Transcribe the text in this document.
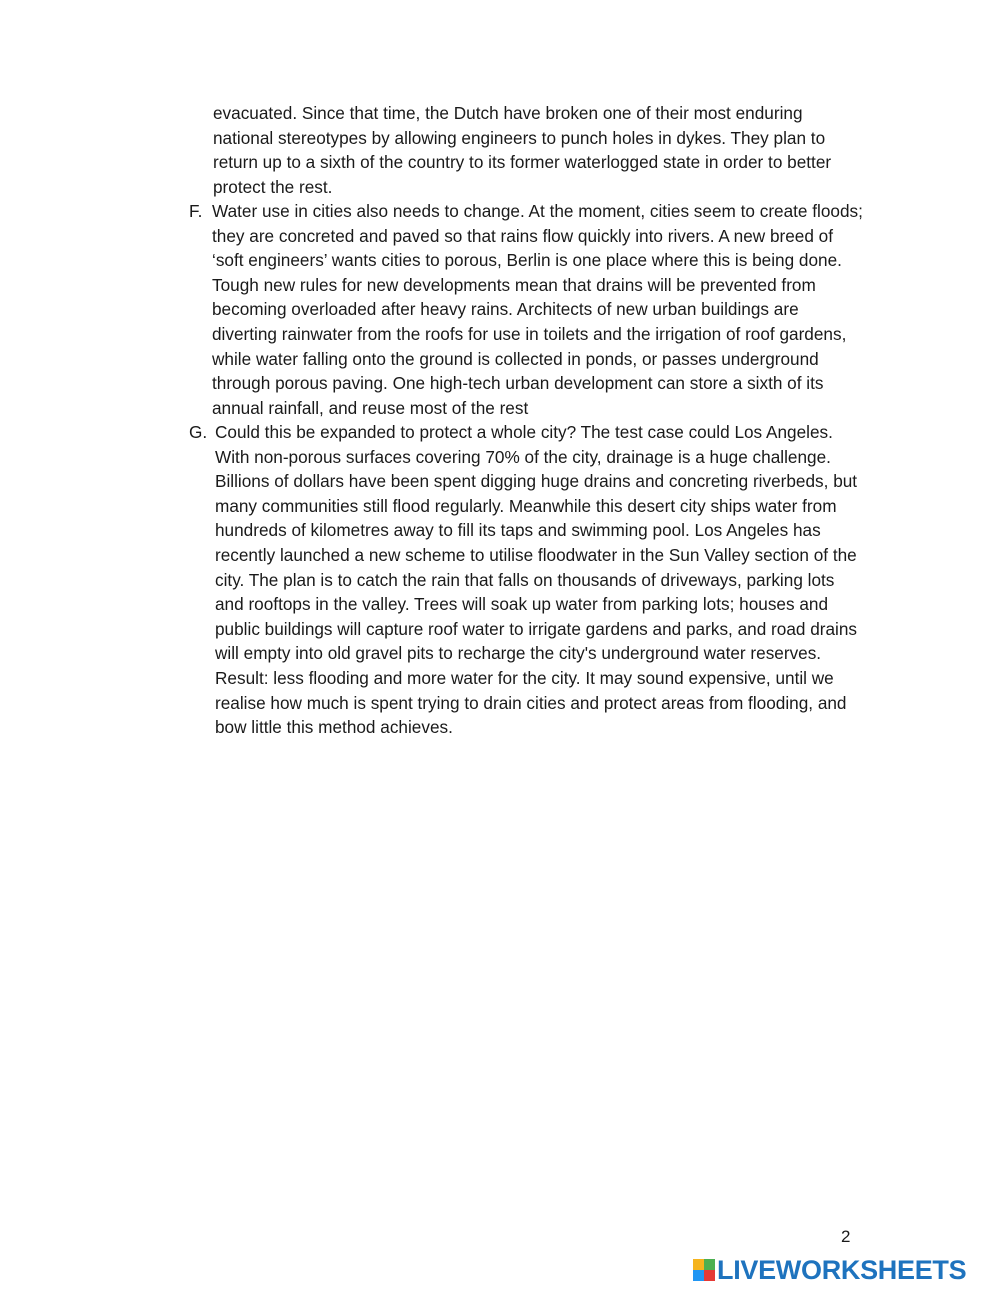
evacuated. Since that time, the Dutch have broken one of their most enduring
national stereotypes by allowing engineers to punch holes in dykes. They plan to
return up to a sixth of the country to its former waterlogged state in order to better
protect the rest.
F. Water use in cities also needs to change. At the moment, cities seem to create floods;
they are concreted and paved so that rains flow quickly into rivers. A new breed of
‘soft engineers’ wants cities to porous, Berlin is one place where this is being done.
Tough new rules for new developments mean that drains will be prevented from
becoming overloaded after heavy rains. Architects of new urban buildings are
diverting rainwater from the roofs for use in toilets and the irrigation of roof gardens,
while water falling onto the ground is collected in ponds, or passes underground
through porous paving. One high-tech urban development can store a sixth of its
annual rainfall, and reuse most of the rest
G. Could this be expanded to protect a whole city? The test case could Los Angeles.
With non-porous surfaces covering 70% of the city, drainage is a huge challenge.
Billions of dollars have been spent digging huge drains and concreting riverbeds, but
many communities still flood regularly. Meanwhile this desert city ships water from
hundreds of kilometres away to fill its taps and swimming pool. Los Angeles has
recently launched a new scheme to utilise floodwater in the Sun Valley section of the
city. The plan is to catch the rain that falls on thousands of driveways, parking lots
and rooftops in the valley. Trees will soak up water from parking lots; houses and
public buildings will capture roof water to irrigate gardens and parks, and road drains
will empty into old gravel pits to recharge the city's underground water reserves.
Result: less flooding and more water for the city. It may sound expensive, until we
realise how much is spent trying to drain cities and protect areas from flooding, and
bow little this method achieves.
2
LIVEWORKSHEETS
